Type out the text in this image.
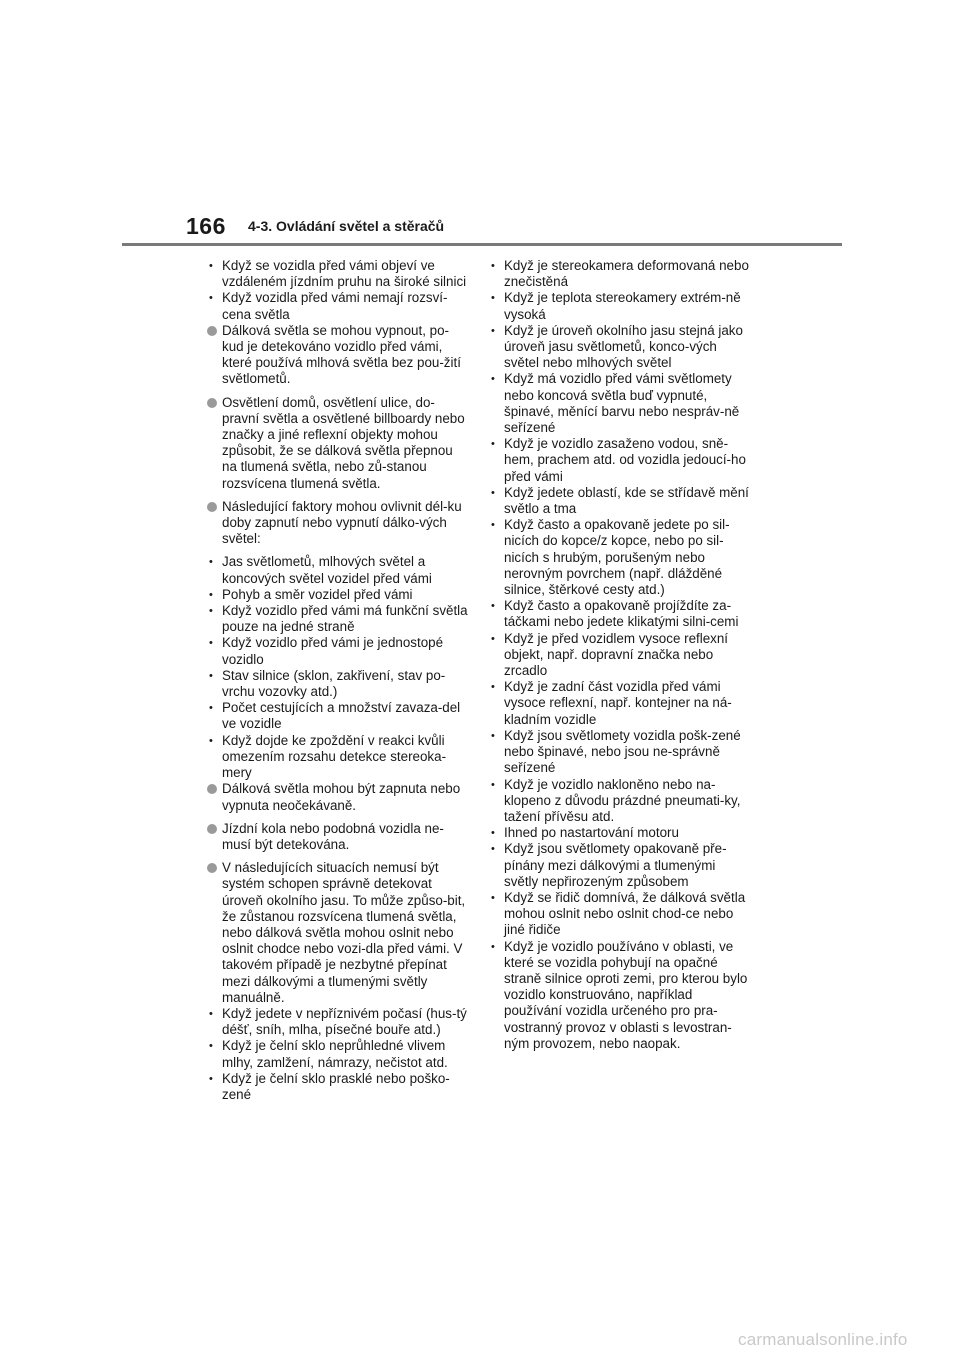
166 4-3. Ovládání světel a stěračů
• Když se vozidla před vámi objeví ve vzdáleném jízdním pruhu na široké silnici
• Když vozidla před vámi nemají rozsví-cena světla
Dálková světla se mohou vypnout, po-kud je detekováno vozidlo před vámi, které používá mlhová světla bez pou-žití světlometů.
Osvětlení domů, osvětlení ulice, do-pravní světla a osvětlené billboardy nebo značky a jiné reflexní objekty mohou způsobit, že se dálková světla přepnou na tlumená světla, nebo zů-stanou rozsvícena tlumená světla.
Následující faktory mohou ovlivnit dél-ku doby zapnutí nebo vypnutí dálko-vých světel:
• Jas světlometů, mlhových světel a koncových světel vozidel před vámi
• Pohyb a směr vozidel před vámi
• Když vozidlo před vámi má funkční světla pouze na jedné straně
• Když vozidlo před vámi je jednostopé vozidlo
• Stav silnice (sklon, zakřivení, stav po-vrchu vozovky atd.)
• Počet cestujících a množství zavaza-del ve vozidle
• Když dojde ke zpoždění v reakci kvůli omezením rozsahu detekce stereoka-mery
Dálková světla mohou být zapnuta nebo vypnuta neočekávaně.
Jízdní kola nebo podobná vozidla ne-musí být detekována.
V následujících situacích nemusí být systém schopen správně detekovat úroveň okolního jasu. To může způso-bit, že zůstanou rozsvícena tlumená světla, nebo dálková světla mohou oslnit nebo oslnit chodce nebo vozi-dla před vámi. V takovém případě je nezbytné přepínat mezi dálkovými a tlumenými světly manuálně.
• Když jedete v nepříznivém počasí (hus-tý déšť, sníh, mlha, písečné bouře atd.)
• Když je čelní sklo neprůhledné vlivem mlhy, zamlžení, námrazy, nečistot atd.
• Když je čelní sklo prasklé nebo poško-zené
• Když je stereokamera deformovaná nebo znečistěná
• Když je teplota stereokamery extrém-ně vysoká
• Když je úroveň okolního jasu stejná jako úroveň jasu světlometů, konco-vých světel nebo mlhových světel
• Když má vozidlo před vámi světlomety nebo koncová světla buď vypnuté, špinavé, měnící barvu nebo nespráv-ně seřízené
• Když je vozidlo zasaženo vodou, sně-hem, prachem atd. od vozidla jedoucí-ho před vámi
• Když jedete oblastí, kde se střídavě mění světlo a tma
• Když často a opakovaně jedete po sil-nicích do kopce/z kopce, nebo po sil-nicích s hrubým, porušeným nebo nerovným povrchem (např. dlážděné silnice, štěrkové cesty atd.)
• Když často a opakovaně projíždíte za-táčkami nebo jedete klikatými silni-cemi
• Když je před vozidlem vysoce reflexní objekt, např. dopravní značka nebo zrcadlo
• Když je zadní část vozidla před vámi vysoce reflexní, např. kontejner na ná-kladním vozidle
• Když jsou světlomety vozidla pošk-zené nebo špinavé, nebo jsou ne-správně seřízené
• Když je vozidlo nakloněno nebo na-klopeno z důvodu prázdné pneumati-ky, tažení přívěsu atd.
• Ihned po nastartování motoru
• Když jsou světlomety opakovaně pře-pínány mezi dálkovými a tlumenými světly nepřirozeným způsobem
• Když se řidič domnívá, že dálková světla mohou oslnit nebo oslnit chod-ce nebo jiné řidiče
• Když je vozidlo používáno v oblasti, ve které se vozidla pohybují na opačné straně silnice oproti zemi, pro kterou bylo vozidlo konstruováno, například používání vozidla určeného pro pra-vostranný provoz v oblasti s levostran-ným provozem, nebo naopak.
carmanualsonline.info
